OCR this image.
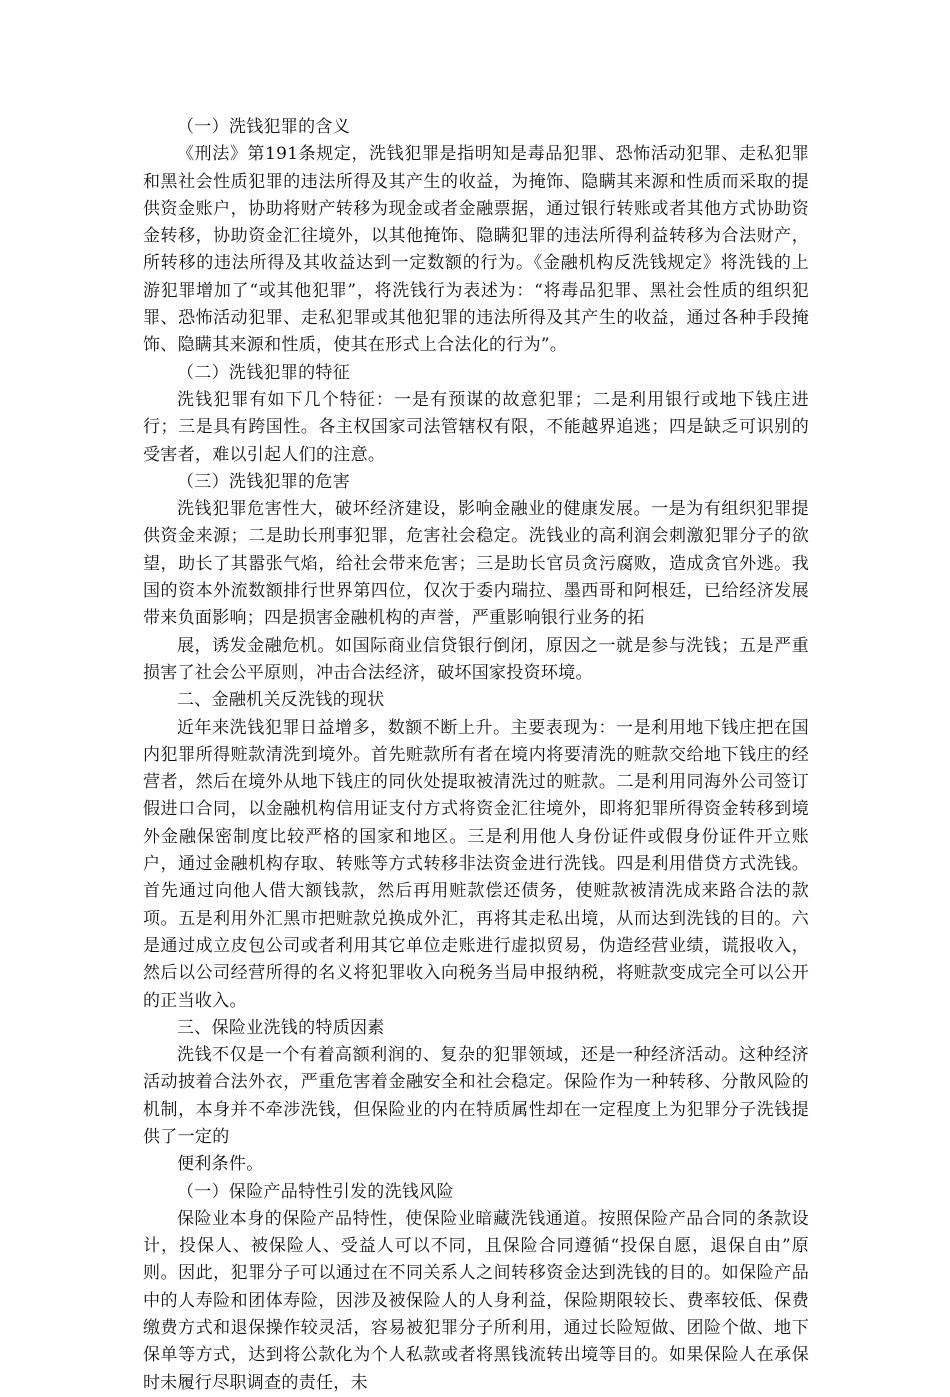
（一）洗钱犯罪的含义

《刑法》第191条规定，洗钱犯罪是指明知是毒品犯罪、恐怖活动犯罪、走私犯罪和黑社会性质犯罪的违法所得及其产生的收益，为掩饰、隐瞒其来源和性质而采取的提供资金账户，协助将财产转移为现金或者金融票据，通过银行转账或者其他方式协助资金转移，协助资金汇往境外，以其他掩饰、隐瞒犯罪的违法所得利益转移为合法财产，所转移的违法所得及其收益达到一定数额的行为。《金融机构反洗钱规定》将洗钱的上游犯罪增加了“或其他犯罪”，将洗钱行为表述为：“将毒品犯罪、黑社会性质的组织犯罪、恐怖活动犯罪、走私犯罪或其他犯罪的违法所得及其产生的收益，通过各种手段掩饰、隐瞒其来源和性质，使其在形式上合法化的行为”。

（二）洗钱犯罪的特征

洗钱犯罪有如下几个特征：一是有预谋的故意犯罪；二是利用银行或地下钱庄进行；三是具有跨国性。各主权国家司法管辖权有限，不能越界追逃；四是缺乏可识别的受害者，难以引起人们的注意。

（三）洗钱犯罪的危害

洗钱犯罪危害性大，破坏经济建设，影响金融业的健康发展。一是为有组织犯罪提供资金来源；二是助长刑事犯罪，危害社会稳定。洗钱业的高利润会刺激犯罪分子的欲望，助长了其嚣张气焰，给社会带来危害；三是助长官员贪污腐败，造成贪官外逃。我国的资本外流数额排行世界第四位，仅次于委内瑞拉、墨西哥和阿根廷，已给经济发展带来负面影响；四是损害金融机构的声誉，严重影响银行业务的拓

展，诱发金融危机。如国际商业信贷银行倒闭，原因之一就是参与洗钱；五是严重损害了社会公平原则，冲击合法经济，破坏国家投资环境。

二、金融机关反洗钱的现状

近年来洗钱犯罪日益增多，数额不断上升。主要表现为：一是利用地下钱庄把在国内犯罪所得赃款清洗到境外。首先赃款所有者在境内将要清洗的赃款交给地下钱庄的经营者，然后在境外从地下钱庄的同伙处提取被清洗过的赃款。二是利用同海外公司签订假进口合同，以金融机构信用证支付方式将资金汇往境外，即将犯罪所得资金转移到境外金融保密制度比较严格的国家和地区。三是利用他人身份证件或假身份证件开立账户，通过金融机构存取、转账等方式转移非法资金进行洗钱。四是利用借贷方式洗钱。首先通过向他人借大额钱款，然后再用赃款偿还债务，使赃款被清洗成来路合法的款项。五是利用外汇黑市把赃款兑换成外汇，再将其走私出境，从而达到洗钱的目的。六是通过成立皮包公司或者利用其它单位走账进行虚拟贸易，伪造经营业绩，谎报收入，然后以公司经营所得的名义将犯罪收入向税务当局申报纳税，将赃款变成完全可以公开的正当收入。

三、保险业洗钱的特质因素

洗钱不仅是一个有着高额利润的、复杂的犯罪领域，还是一种经济活动。这种经济活动披着合法外衣，严重危害着金融安全和社会稳定。保险作为一种转移、分散风险的机制，本身并不牵涉洗钱，但保险业的内在特质属性却在一定程度上为犯罪分子洗钱提供了一定的

便利条件。

（一）保险产品特性引发的洗钱风险

保险业本身的保险产品特性，使保险业暗藏洗钱通道。按照保险产品合同的条款设计，投保人、被保险人、受益人可以不同，且保险合同遵循“投保自愿，退保自由”原则。因此，犯罪分子可以通过在不同关系人之间转移资金达到洗钱的目的。如保险产品中的人寿险和团体寿险，因涉及被保险人的人身利益，保险期限较长、费率较低、保费缴费方式和退保操作较灵活，容易被犯罪分子所利用，通过长险短做、团险个做、地下保单等方式，达到将公款化为个人私款或者将黑钱流转出境等目的。如果保险人在承保时未履行尽职调查的责任，未
